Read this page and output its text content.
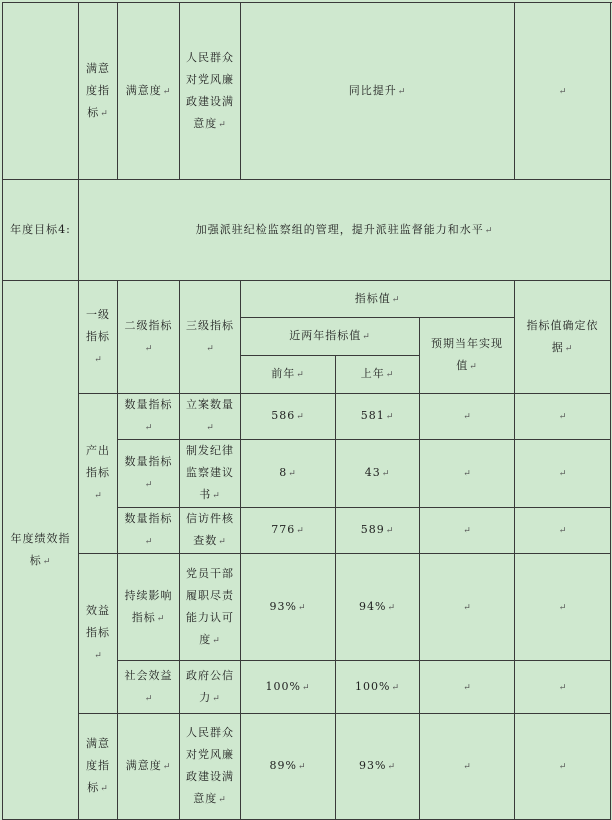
	满意度指标↵	满意度↵	人民群众对党风廉政建设满意度↵	同比提升↵			↵
年度目标4:	加强派驻纪检监察组的管理，提升派驻监督能力和水平↵						
年度绩效指标↵	一级指标↵	二级指标↵	三级指标↵	指标值↵			指标值确定依据↵
				近两年指标值↵		预期当年实现值↵	
				前年↵	上年↵		
	产出指标↵	数量指标↵	立案数量↵	586↵	581↵	↵	↵
		数量指标↵	制发纪律监察建议书↵	8↵	43↵	↵	↵
		数量指标↵	信访件核查数↵	776↵	589↵	↵	↵
	效益指标↵	持续影响指标↵	党员干部履职尽责能力认可度↵	93%↵	94%↵	↵	↵
		社会效益↵	政府公信力↵	100%↵	100%↵	↵	↵
	满意度指标↵	满意度↵	人民群众对党风廉政建设满意度↵	89%↵	93%↵	↵	↵
